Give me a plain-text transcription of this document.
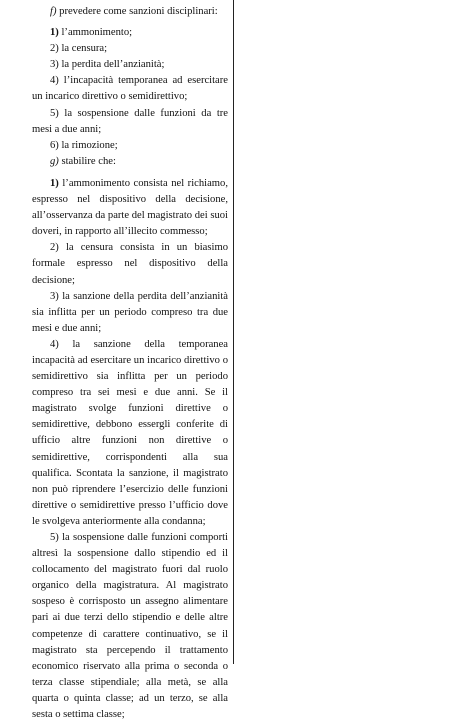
f) prevedere come sanzioni disciplinari:

1) l’ammonimento;

2) la censura;

3) la perdita dell’anzianità;

4) l’incapacità temporanea ad esercitare un incarico direttivo o semidirettivo;

5) la sospensione dalle funzioni da tre mesi a due anni;

6) la rimozione;

g) stabilire che:

1) l’ammonimento consista nel richiamo, espresso nel dispositivo della decisione, all’osservanza da parte del magistrato dei suoi doveri, in rapporto all’illecito commesso;

2) la censura consista in un biasimo formale espresso nel dispositivo della decisione;

3) la sanzione della perdita dell’anzianità sia inflitta per un periodo compreso tra due mesi e due anni;

4) la sanzione della temporanea incapacità ad esercitare un incarico direttivo o semidirettivo sia inflitta per un periodo compreso tra sei mesi e due anni. Se il magistrato svolge funzioni direttive o semidirettive, debbono essergli conferite di ufficio altre funzioni non direttive o semidirettive, corrispondenti alla sua qualifica. Scontata la sanzione, il magistrato non può riprendere l’esercizio delle funzioni direttive o semidirettive presso l’ufficio dove le svolgeva anteriormente alla condanna;

5) la sospensione dalle funzioni comporti altresì la sospensione dallo stipendio ed il collocamento del magistrato fuori dal ruolo organico della magistratura. Al magistrato sospeso è corrisposto un assegno alimentare pari ai due terzi dello stipendio e delle altre competenze di carattere continuativo, se il magistrato sta percependo il trattamento economico riservato alla prima o seconda o terza classe stipendiale; alla metà, se alla quarta o quinta classe; ad un terzo, se alla sesta o settima classe;
